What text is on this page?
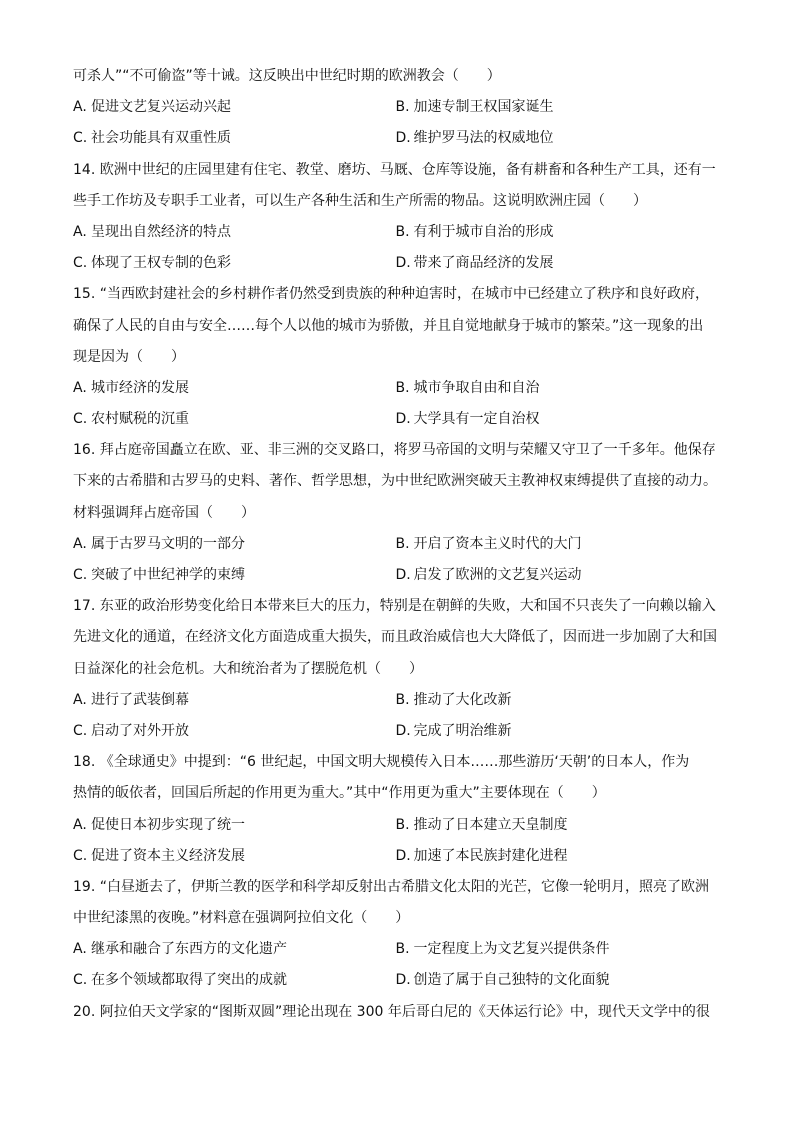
可杀人”“不可偷盗”等十诫。这反映出中世纪时期的欧洲教会（　　）
A. 促进文艺复兴运动兴起	B. 加速专制王权国家诞生
C. 社会功能具有双重性质	D. 维护罗马法的权威地位
14. 欧洲中世纪的庄园里建有住宅、教堂、磨坊、马厩、仓库等设施，备有耕畜和各种生产工具，还有一
些手工作坊及专职手工业者，可以生产各种生活和生产所需的物品。这说明欧洲庄园（　　）
A. 呈现出自然经济的特点	B. 有利于城市自治的形成
C. 体现了王权专制的色彩	D. 带来了商品经济的发展
15. “当西欧封建社会的乡村耕作者仍然受到贵族的种种迫害时，在城市中已经建立了秩序和良好政府，
确保了人民的自由与安全……每个人以他的城市为骄傲，并且自觉地献身于城市的繁荣。”这一现象的出
现是因为（　　）
A. 城市经济的发展	B. 城市争取自由和自治
C. 农村赋税的沉重	D. 大学具有一定自治权
16. 拜占庭帝国矗立在欧、亚、非三洲的交叉路口，将罗马帝国的文明与荣耀又守卫了一千多年。他保存
下来的古希腊和古罗马的史料、著作、哲学思想，为中世纪欧洲突破天主教神权束缚提供了直接的动力。
材料强调拜占庭帝国（　　）
A. 属于古罗马文明的一部分	B. 开启了资本主义时代的大门
C. 突破了中世纪神学的束缚	D. 启发了欧洲的文艺复兴运动
17. 东亚的政治形势变化给日本带来巨大的压力，特别是在朝鲜的失败，大和国不只丧失了一向赖以输入
先进文化的通道，在经济文化方面造成重大损失，而且政治威信也大大降低了，因而进一步加剧了大和国
日益深化的社会危机。大和统治者为了摆脱危机（　　）
A. 进行了武装倒幕	B. 推动了大化改新
C. 启动了对外开放	D. 完成了明治维新
18. 《全球通史》中提到：“6 世纪起，中国文明大规模传入日本……那些游历‘天朝’的日本人，作为
热情的皈依者，回国后所起的作用更为重大。”其中“作用更为重大”主要体现在（　　）
A. 促使日本初步实现了统一	B. 推动了日本建立天皇制度
C. 促进了资本主义经济发展	D. 加速了本民族封建化进程
19. “白昼逝去了，伊斯兰教的医学和科学却反射出古希腊文化太阳的光芒，它像一轮明月，照亮了欧洲
中世纪漆黑的夜晚。”材料意在强调阿拉伯文化（　　）
A. 继承和融合了东西方的文化遗产	B. 一定程度上为文艺复兴提供条件
C. 在多个领域都取得了突出的成就	D. 创造了属于自己独特的文化面貌
20. 阿拉伯天文学家的“图斯双圆”理论出现在 300 年后哥白尼的《天体运行论》中，现代天文学中的很
